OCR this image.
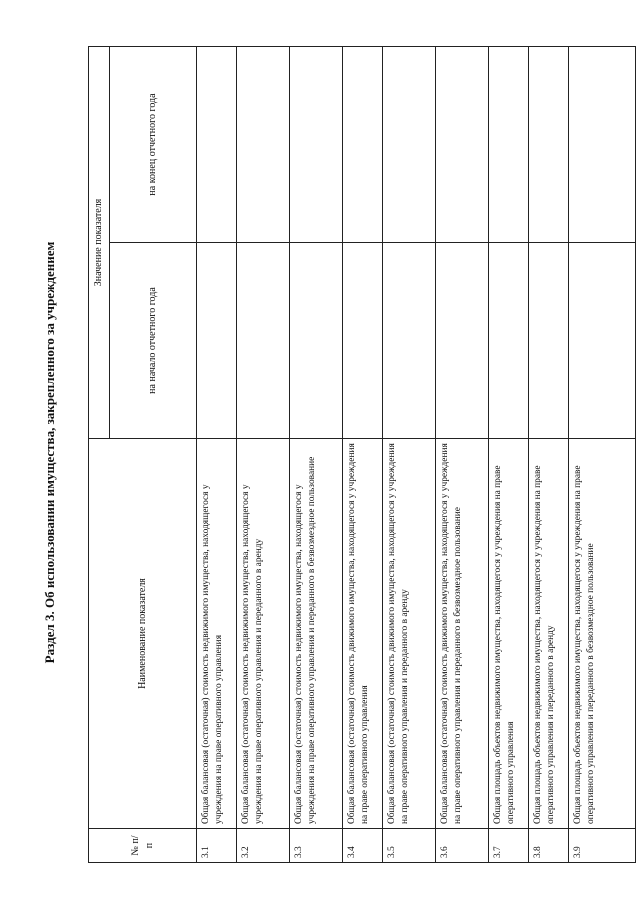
Раздел 3. Об использовании имущества, закрепленного за учреждением
№ п/п	Наименование показателя	Значение показателя	
		на начало отчетного года	на конец отчетного года
3.1	Общая балансовая (остаточная) стоимость недвижимого имущества, находящегося у учреждения на праве оперативного управления		
3.2	Общая балансовая (остаточная) стоимость недвижимого имущества, находящегося у учреждения на праве оперативного управления и переданного в аренду		
3.3	Общая балансовая (остаточная) стоимость недвижимого имущества, находящегося у учреждения на праве оперативного управления и переданного в безвозмездное пользование		
3.4	Общая балансовая (остаточная) стоимость движимого имущества, находящегося у учреждения на праве оперативного управления		
3.5	Общая балансовая (остаточная) стоимость движимого имущества, находящегося у учреждения на праве оперативного управления и переданного в аренду		
3.6	Общая балансовая (остаточная) стоимость движимого имущества, находящегося у учреждения на праве оперативного управления и переданного в безвозмездное пользование		
3.7	Общая площадь объектов недвижимого имущества, находящегося у учреждения на праве оперативного управления		
3.8	Общая площадь объектов недвижимого имущества, находящегося у учреждения на праве оперативного управления и переданного в аренду		
3.9	Общая площадь объектов недвижимого имущества, находящегося у учреждения на праве оперативного управления и переданного в безвозмездное пользование		
